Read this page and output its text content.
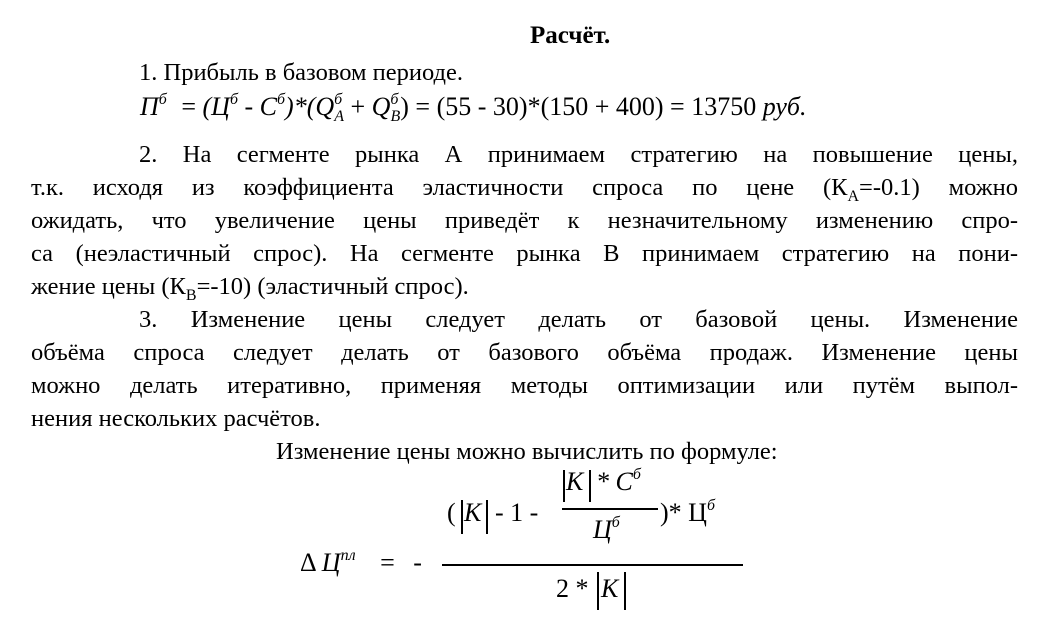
Расчёт.
1. Прибыль в базовом периоде.
$П^б = (Ц^б - С^б)*(Q^б_A + Q^б_B) = (55 - 30)*(150 + 400) = 13750$ руб.
2. На сегменте рынка А принимаем стратегию на повышение цены,
т.к. исходя из коэффициента эластичности спроса по цене $(К_А=-0.1)$ можно
ожидать, что увеличение цены приведёт к незначительному изменению спро-
са (неэластичный спрос). На сегменте рынка В принимаем стратегию на пони-
жение цены $(К_В=-10)$ (эластичный спрос).
3. Изменение цены следует делать от базовой цены. Изменение
объёма спроса следует делать от базового объёма продаж. Изменение цены
можно делать итеративно, применяя методы оптимизации или путём выпол-
нения нескольких расчётов.
Изменение цены можно вычислить по формуле:
Δ $Ц^{пл}$ = -
( К - 1 -
К * $С^б$
$Ц^б$ )* $Ц^б$
2 * К
